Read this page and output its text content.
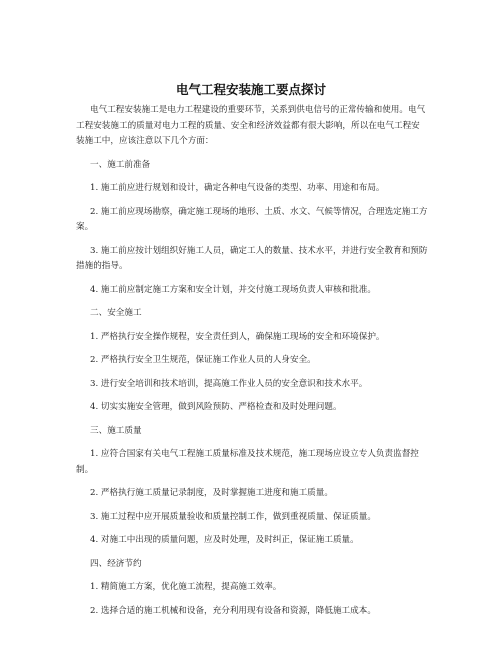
电气工程安装施工要点探讨

电气工程安装施工是电力工程建设的重要环节，关系到供电信号的正常传输和使用。电气工程安装施工的质量对电力工程的质量、安全和经济效益都有很大影响，所以在电气工程安装施工中，应该注意以下几个方面：

一、施工前准备

1. 施工前应进行规划和设计，确定各种电气设备的类型、功率、用途和布局。

2. 施工前应现场勘察，确定施工现场的地形、土质、水文、气候等情况，合理选定施工方案。

3. 施工前应按计划组织好施工人员，确定工人的数量、技术水平，并进行安全教育和预防措施的指导。

4. 施工前应制定施工方案和安全计划，并交付施工现场负责人审核和批准。

二、安全施工

1. 严格执行安全操作规程，安全责任到人，确保施工现场的安全和环境保护。

2. 严格执行安全卫生规范，保证施工作业人员的人身安全。

3. 进行安全培训和技术培训，提高施工作业人员的安全意识和技术水平。

4. 切实实施安全管理，做到风险预防、严格检查和及时处理问题。

三、施工质量

1. 应符合国家有关电气工程施工质量标准及技术规范，施工现场应设立专人负责监督控制。

2. 严格执行施工质量记录制度，及时掌握施工进度和施工质量。

3. 施工过程中应开展质量验收和质量控制工作，做到重视质量、保证质量。

4. 对施工中出现的质量问题，应及时处理，及时纠正，保证施工质量。

四、经济节约

1. 精简施工方案，优化施工流程，提高施工效率。

2. 选择合适的施工机械和设备，充分利用现有设备和资源，降低施工成本。
